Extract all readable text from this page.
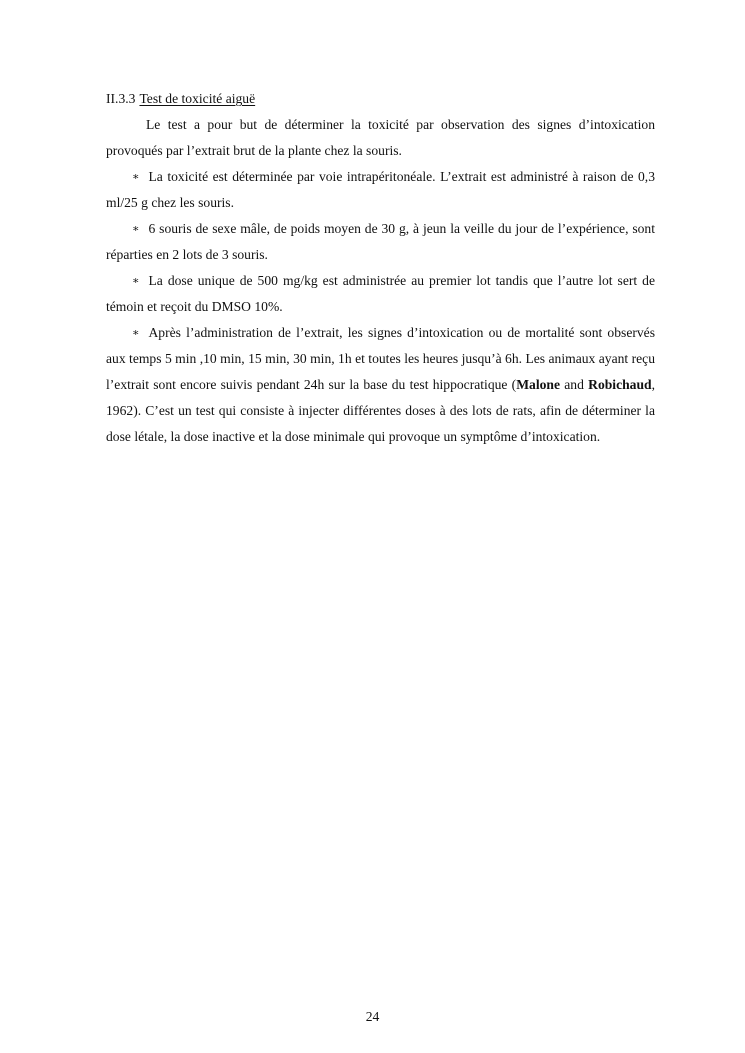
II.3.3 Test de toxicité aiguë

Le test a pour but de déterminer la toxicité par observation des signes d’intoxication provoqués par l’extrait brut de la plante chez la souris.

∗ La toxicité est déterminée par voie intrapéritonéale. L’extrait est administré à raison de 0,3 ml/25 g chez les souris.

∗ 6 souris de sexe mâle, de poids moyen de 30 g, à jeun la veille du jour de l’expérience, sont réparties en 2 lots de 3 souris.

∗ La dose unique de 500 mg/kg est administrée au premier lot tandis que l’autre lot sert de témoin et reçoit du DMSO 10%.

∗ Après l’administration de l’extrait, les signes d’intoxication ou de mortalité sont observés aux temps 5 min ,10 min, 15 min, 30 min, 1h et toutes les heures jusqu’à 6h. Les animaux ayant reçu l’extrait sont encore suivis pendant 24h sur la base du test hippocratique (Malone and Robichaud, 1962). C’est un test qui consiste à injecter différentes doses à des lots de rats, afin de déterminer la dose létale, la dose inactive et la dose minimale qui provoque un symptôme d’intoxication.

24
